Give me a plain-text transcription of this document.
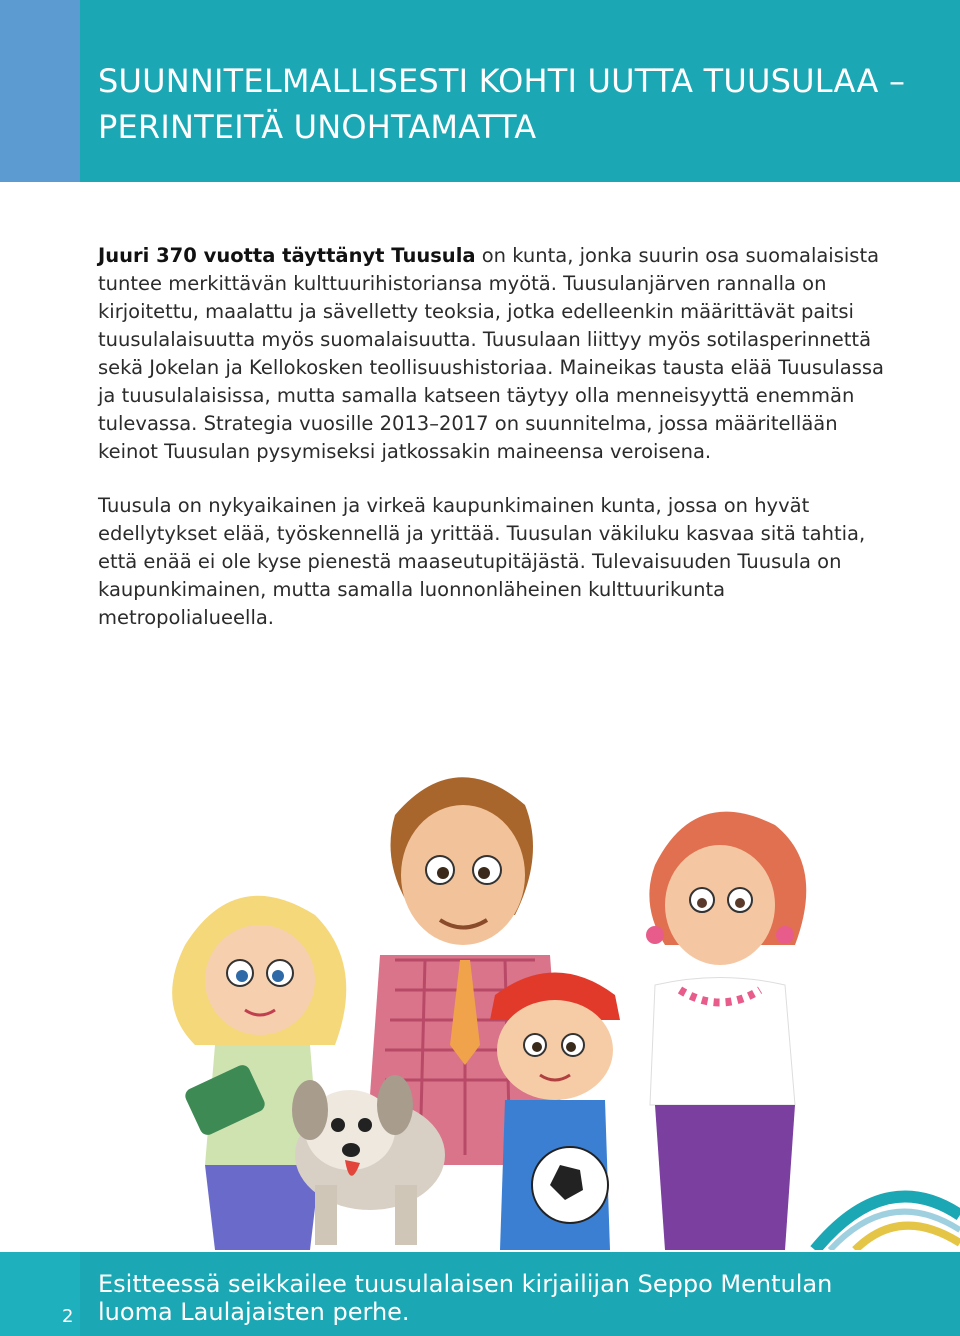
SUUNNITELMALLISESTI KOHTI UUTTA TUUSULAA –
PERINTEITÄ UNOHTAMATTA

Juuri 370 vuotta täyttänyt Tuusula on kunta, jonka suurin osa suomalaisista tuntee merkittävän kulttuurihistoriansa myötä. Tuusulanjärven rannalla on kirjoitettu, maalattu ja sävelletty teoksia, jotka edelleenkin määrittävät paitsi tuusulalaisuutta myös suomalaisuutta. Tuusulaan liittyy myös sotilasperinnettä sekä Jokelan ja Kellokosken teollisuushistoriaa. Maineikas tausta elää Tuusulassa ja tuusulalaisissa, mutta samalla katseen täytyy olla menneisyyttä enemmän tulevassa. Strategia vuosille 2013–2017 on suunnitelma, jossa määritellään keinot Tuusulan pysymiseksi jatkossakin maineensa veroisena.

Tuusula on nykyaikainen ja virkeä kaupunkimainen kunta, jossa on hyvät edellytykset elää, työskennellä ja yrittää. Tuusulan väkiluku kasvaa sitä tahtia, että enää ei ole kyse pienestä maaseutupitäjästä. Tulevaisuuden Tuusula on kaupunkimainen, mutta samalla luonnonläheinen kulttuurikunta metropolialueella.

2
Esitteessä seikkailee tuusulalaisen kirjailijan Seppo Mentulan
luoma Laulajaisten perhe.
